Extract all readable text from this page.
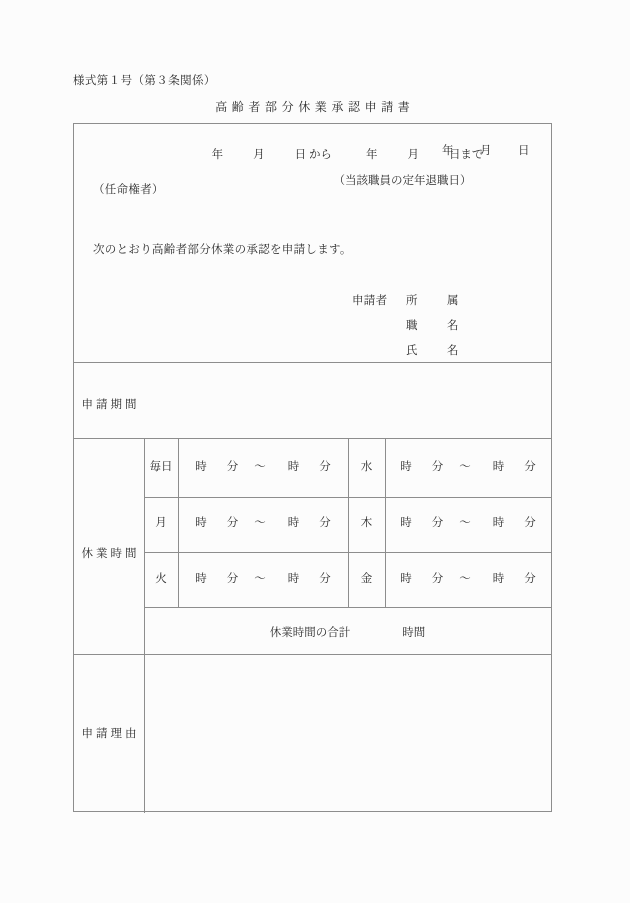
様式第１号（第３条関係）
高齢者部分休業承認申請書
年 月 日
（任命権者）
次のとおり高齢者部分休業の承認を申請します。
申請者 所　属
職　名
氏　名
申請期間
年	月	日 から	年	月	日まで
（当該職員の定年退職日）
休業時間
毎日	時 分 ～ 時 分	水	時 分 ～ 時 分
月	時 分 ～ 時 分	木	時 分 ～ 時 分
火	時 分 ～ 時 分	金	時 分 ～ 時 分
休業時間の合計	時間
申請理由
